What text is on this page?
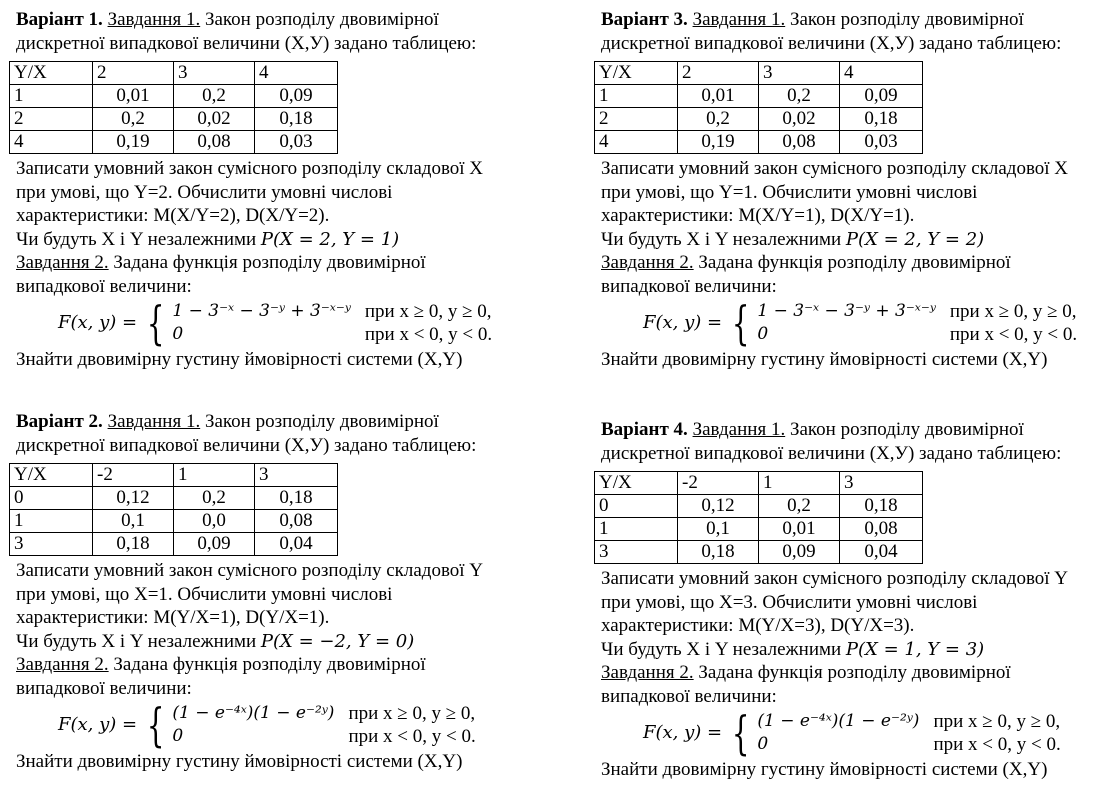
Варіант 1. Завдання 1. Закон розподілу двовимірної
дискретної випадкової величини (Х,У) задано таблицею:
Y/X	2	3	4
1	0,01	0,2	0,09
2	0,2	0,02	0,18
4	0,19	0,08	0,03
Записати умовний закон сумісного розподілу складової X
при умові, що Y=2. Обчислити умовні числові
характеристики: M(X/Y=2), D(X/Y=2).
Чи будуть X і Y незалежними P(X = 2, Y = 1)
Завдання 2. Задана функція розподілу двовимірної
випадкової величини:
F(x, y) = { 1 − 3⁻ˣ − 3⁻ʸ + 3⁻ˣ⁻ʸ при x ≥ 0, y ≥ 0,
0	при x < 0, y < 0.
Знайти двовимірну густину ймовірності системи (X,Y)
Варіант 2. Завдання 1. Закон розподілу двовимірної
дискретної випадкової величини (Х,У) задано таблицею:
Y/X	-2	1	3
0	0,12	0,2	0,18
1	0,1	0,0	0,08
3	0,18	0,09	0,04
Записати умовний закон сумісного розподілу складової Y
при умові, що X=1. Обчислити умовні числові
характеристики: M(Y/X=1), D(Y/X=1).
Чи будуть X і Y незалежними P(X = −2, Y = 0)
Завдання 2. Задана функція розподілу двовимірної
випадкової величини:
F(x, y) = { (1 − e⁻⁴ˣ)(1 − e⁻²ʸ) при x ≥ 0, y ≥ 0,
0	при x < 0, y < 0.
Знайти двовимірну густину ймовірності системи (X,Y)
Варіант 3. Завдання 1. Закон розподілу двовимірної
дискретної випадкової величини (Х,У) задано таблицею:
Y/X	2	3	4
1	0,01	0,2	0,09
2	0,2	0,02	0,18
4	0,19	0,08	0,03
Записати умовний закон сумісного розподілу складової X
при умові, що Y=1. Обчислити умовні числові
характеристики: M(X/Y=1), D(X/Y=1).
Чи будуть X і Y незалежними P(X = 2, Y = 2)
Завдання 2. Задана функція розподілу двовимірної
випадкової величини:
F(x, y) = { 1 − 3⁻ˣ − 3⁻ʸ + 3⁻ˣ⁻ʸ при x ≥ 0, y ≥ 0,
0	при x < 0, y < 0.
Знайти двовимірну густину ймовірності системи (X,Y)
Варіант 4. Завдання 1. Закон розподілу двовимірної
дискретної випадкової величини (Х,У) задано таблицею:
Y/X	-2	1	3
0	0,12	0,2	0,18
1	0,1	0,01	0,08
3	0,18	0,09	0,04
Записати умовний закон сумісного розподілу складової Y
при умові, що X=3. Обчислити умовні числові
характеристики: M(Y/X=3), D(Y/X=3).
Чи будуть X і Y незалежними P(X = 1, Y = 3)
Завдання 2. Задана функція розподілу двовимірної
випадкової величини:
F(x, y) = { (1 − e⁻⁴ˣ)(1 − e⁻²ʸ) при x ≥ 0, y ≥ 0,
0	при x < 0, y < 0.
Знайти двовимірну густину ймовірності системи (X,Y)
